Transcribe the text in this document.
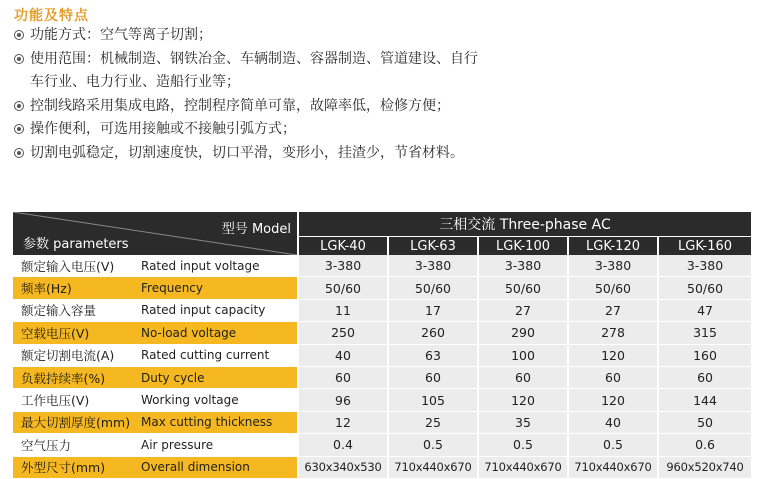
功能及特点
功能方式：空气等离子切割；
使用范围：机械制造、钢铁冶金、车辆制造、容器制造、管道建设、自行车行业、电力行业、造船行业等；
控制线路采用集成电路，控制程序简单可靠，故障率低，检修方便；
操作便利，可选用接触或不接触引弧方式；
切割电弧稳定，切割速度快，切口平滑，变形小，挂渣少，节省材料。
型号 Model
参数 parameters		三相交流 Three-phase AC				
		LGK-40	LGK-63	LGK-100	LGK-120	LGK-160
额定输入电压(V)	Rated input voltage	3-380	3-380	3-380	3-380	3-380
频率(Hz)	Frequency	50/60	50/60	50/60	50/60	50/60
额定输入容量	Rated input capacity	11	17	27	27	47
空载电压(V)	No-load voltage	250	260	290	278	315
额定切割电流(A)	Rated cutting current	40	63	100	120	160
负载持续率(%)	Duty cycle	60	60	60	60	60
工作电压(V)	Working voltage	96	105	120	120	144
最大切割厚度(mm)	Max cutting thickness	12	25	35	40	50
空气压力	Air pressure	0.4	0.5	0.5	0.5	0.6
外型尺寸(mm)	Overall dimension	630x340x530	710x440x670	710x440x670	710x440x670	960x520x740
